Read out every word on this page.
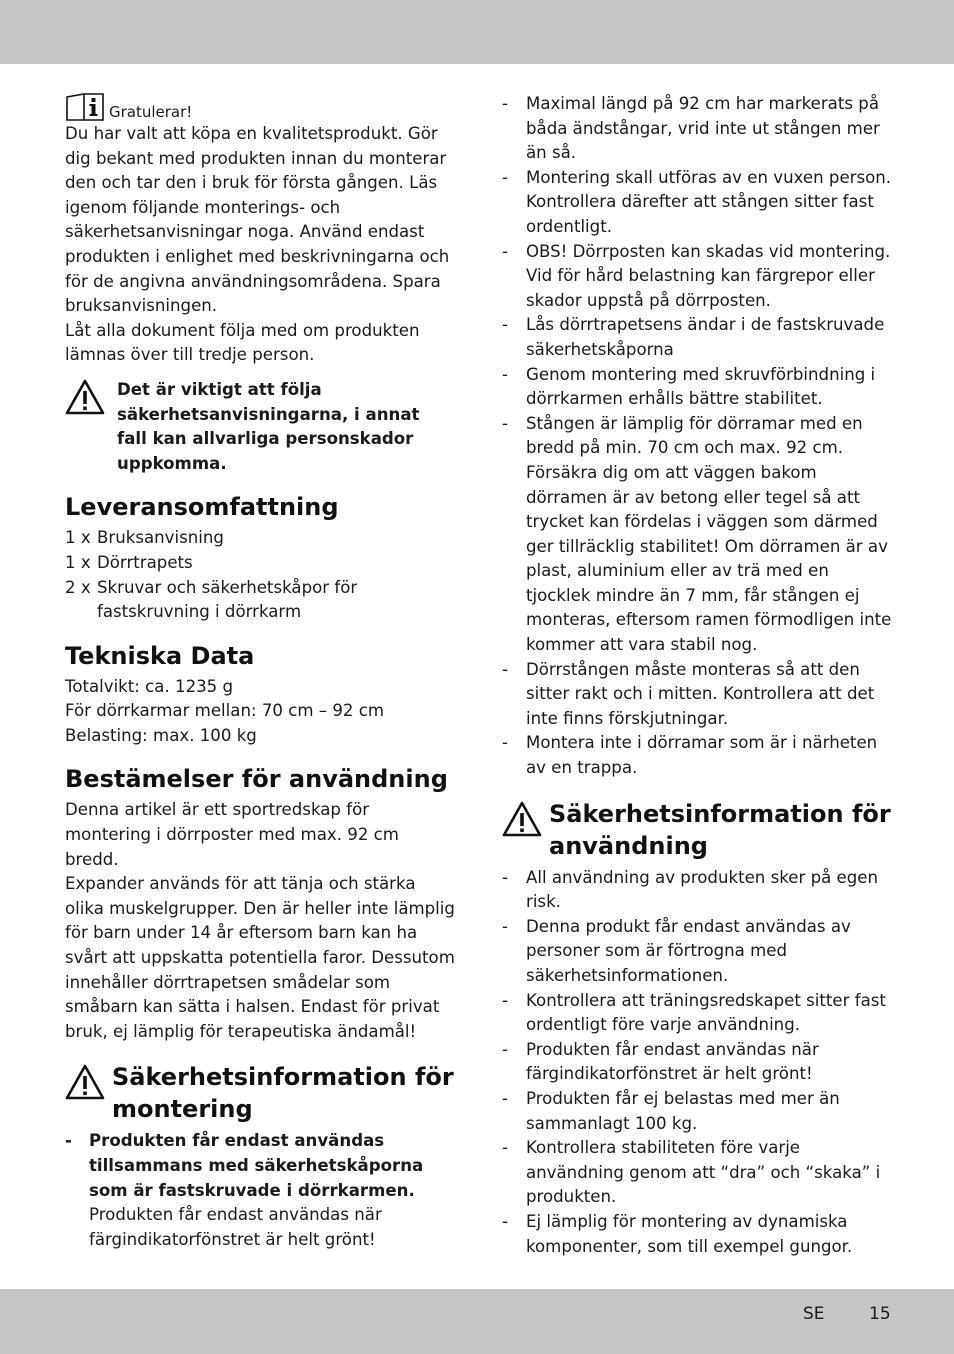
Gratulerar!

Du har valt att köpa en kvalitetsprodukt. Gör dig bekant med produkten innan du monterar den och tar den i bruk för första gången. Läs igenom följande monterings- och säkerhetsanvisningar noga. Använd endast produkten i enlighet med beskrivningarna och för de angivna användningsområdena. Spara bruksanvisningen.

Låt alla dokument följa med om produkten lämnas över till tredje person.

Det är viktigt att följa säkerhetsanvisningarna, i annat fall kan allvarliga personskador uppkomma.

Leveransomfattning
1 x Bruksanvisning
1 x Dörrtrapets
2 x Skruvar och säkerhetskåpor för fastskruvning i dörrkarm
Tekniska Data

Totalvikt: ca. 1235 g

För dörrkarmar mellan: 70 cm – 92 cm

Belasting: max. 100 kg

Bestämelser för användning

Denna artikel är ett sportredskap för montering i dörrposter med max. 92 cm bredd.

Expander används för att tänja och stärka olika muskelgrupper. Den är heller inte lämplig för barn under 14 år eftersom barn kan ha svårt att uppskatta potentiella faror. Dessutom innehåller dörrtrapetsen smådelar som småbarn kan sätta i halsen. Endast för privat bruk, ej lämplig för terapeutiska ändamål!

Säkerhetsinformation för montering
- Produkten får endast användas tillsammans med säkerhetskåporna som är fastskruvade i dörrkarmen. Produkten får endast användas när färgindikatorfönstret är helt grönt!
- Maximal längd på 92 cm har markerats på båda ändstångar, vrid inte ut stången mer än så.
- Montering skall utföras av en vuxen person. Kontrollera därefter att stången sitter fast ordentligt.
- OBS! Dörrposten kan skadas vid montering. Vid för hård belastning kan färgrepor eller skador uppstå på dörrposten.
- Lås dörrtrapetsens ändar i de fastskruvade säkerhetskåporna
- Genom montering med skruvförbindning i dörrkarmen erhålls bättre stabilitet.
- Stången är lämplig för dörramar med en bredd på min. 70 cm och max. 92 cm. Försäkra dig om att väggen bakom dörramen är av betong eller tegel så att trycket kan fördelas i väggen som därmed ger tillräcklig stabilitet! Om dörramen är av plast, aluminium eller av trä med en tjocklek mindre än 7 mm, får stången ej monteras, eftersom ramen förmodligen inte kommer att vara stabil nog.
- Dörrstången måste monteras så att den sitter rakt och i mitten. Kontrollera att det inte finns förskjutningar.
- Montera inte i dörramar som är i närheten av en trappa.
Säkerhetsinformation för användning
- All användning av produkten sker på egen risk.
- Denna produkt får endast användas av personer som är förtrogna med säkerhetsinformationen.
- Kontrollera att träningsredskapet sitter fast ordentligt före varje användning.
- Produkten får endast användas när färgindikatorfönstret är helt grönt!
- Produkten får ej belastas med mer än sammanlagt 100 kg.
- Kontrollera stabiliteten före varje användning genom att “dra” och “skaka” i produkten.
- Ej lämplig för montering av dynamiska komponenter, som till exempel gungor.
SE	15
